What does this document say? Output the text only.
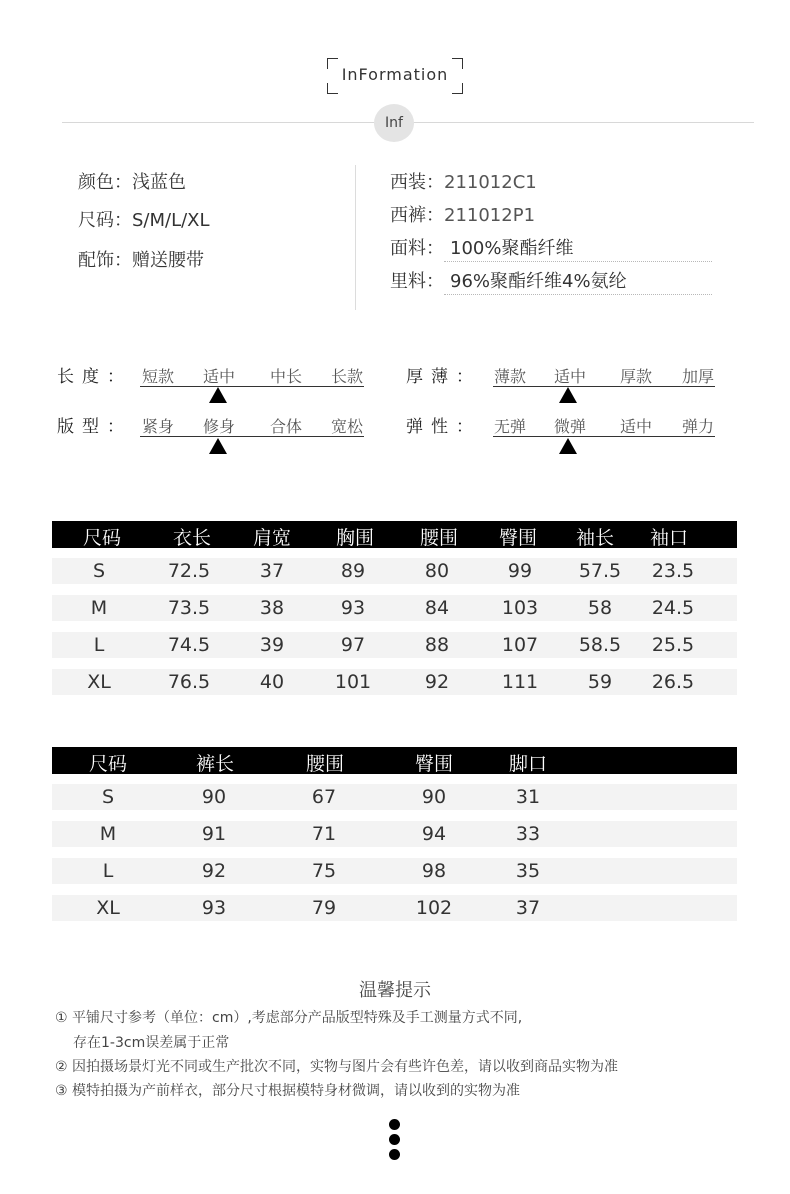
InFormation
Inf
颜色：浅蓝色
尺码：S/M/L/XL
配饰：赠送腰带
西装：211012C1
西裤：211012P1
面料： 100%聚酯纤维
里料： 96%聚酯纤维4%氨纶
长度： 短款	适中	中长	长款
版型： 紧身	修身	合体	宽松
厚薄： 薄款	适中	厚款	加厚
弹性： 无弹	微弹	适中	弹力
尺码	衣长	肩宽	胸围	腰围	臀围	袖长	袖口
S	72.5	37	89	80	99	57.5	23.5
M	73.5	38	93	84	103	58	24.5
L	74.5	39	97	88	107	58.5	25.5
XL	76.5	40	101	92	111	59	26.5
尺码	裤长	腰围	臀围	脚口
S	90	67	90	31
M	91	71	94	33
L	92	75	98	35
XL	93	79	102	37
温馨提示
① 平铺尺寸参考（单位：cm）,考虑部分产品版型特殊及手工测量方式不同,
存在1-3cm误差属于正常
② 因拍摄场景灯光不同或生产批次不同，实物与图片会有些许色差，请以收到商品实物为准
③ 模特拍摄为产前样衣，部分尺寸根据模特身材微调，请以收到的实物为准
